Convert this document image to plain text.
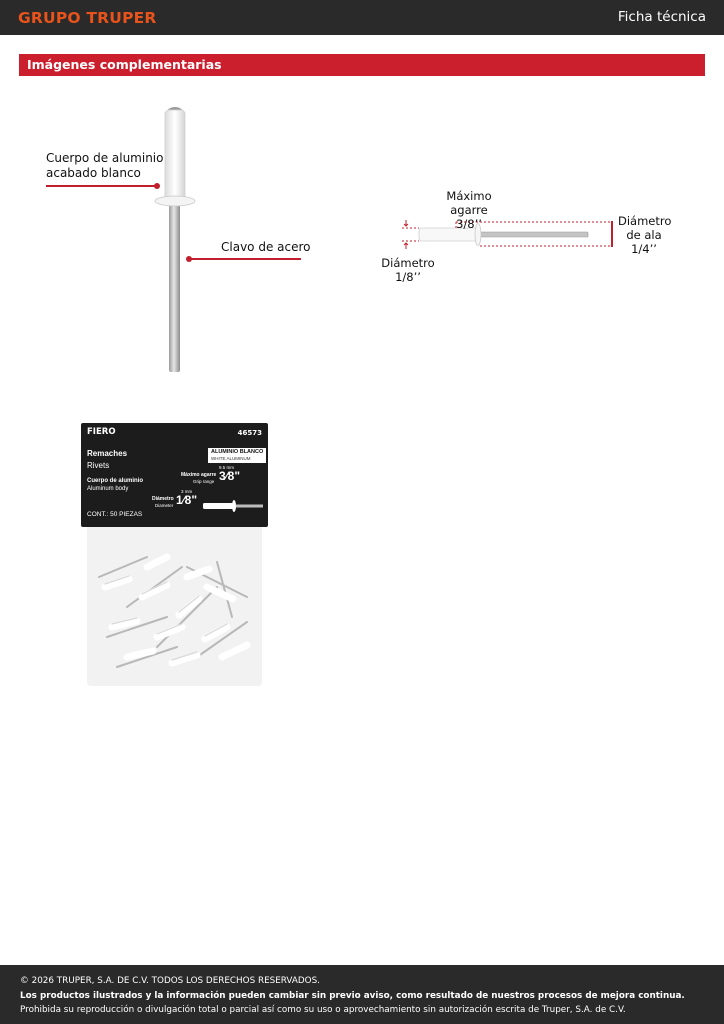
GRUPO TRUPER	Ficha técnica
Imágenes complementarias
Cuerpo de aluminio
acabado blanco
Clavo de acero
Máximo agarre
3/8’’	Diámetro
de ala
1/4’’
Diámetro
1/8’’
FIERO	46573
ALUMINIO BLANCO
WHITE ALUMINUM
Remaches
Rivets
Cuerpo de aluminio
Aluminum body
9.5 mm
Máximo agarre
Grip range 3⁄8"
3 mm
Diámetro
Diameter 1⁄8"
CONT.: 50 PIEZAS
© 2026 TRUPER, S.A. DE C.V. TODOS LOS DERECHOS RESERVADOS.
Los productos ilustrados y la información pueden cambiar sin previo aviso, como resultado de nuestros procesos de mejora continua.
Prohibida su reproducción o divulgación total o parcial así como su uso o aprovechamiento sin autorización escrita de Truper, S.A. de C.V.
